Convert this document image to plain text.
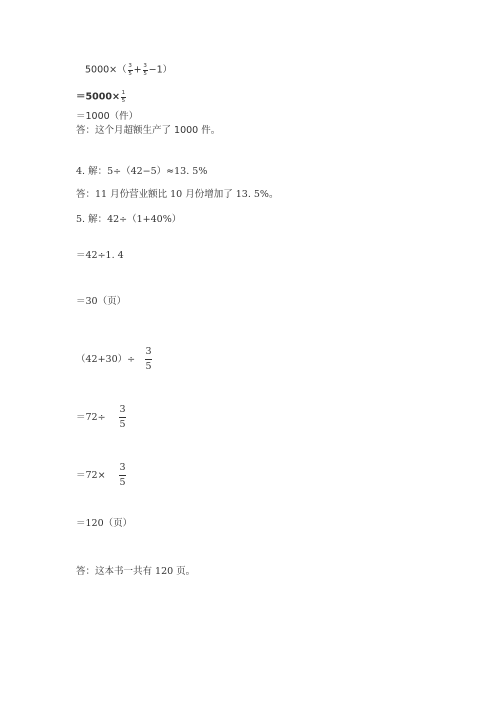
$5000\times( \frac{3}{5} + \frac{3}{5} -1)$
$=5000\times \frac{1}{5}$
＝1000（件）
答：这个月超额生产了 1000 件。
4. 解：5÷（42−5）≈13. 5%
答：11 月份营业额比 10 月份增加了 13. 5%。
5. 解：42÷（1+40%）
＝42÷1. 4
＝30（页）
（42+30）÷
3
5
＝72÷
3
5
＝72×
3
5
＝120（页）
答：这本书一共有 120 页。
